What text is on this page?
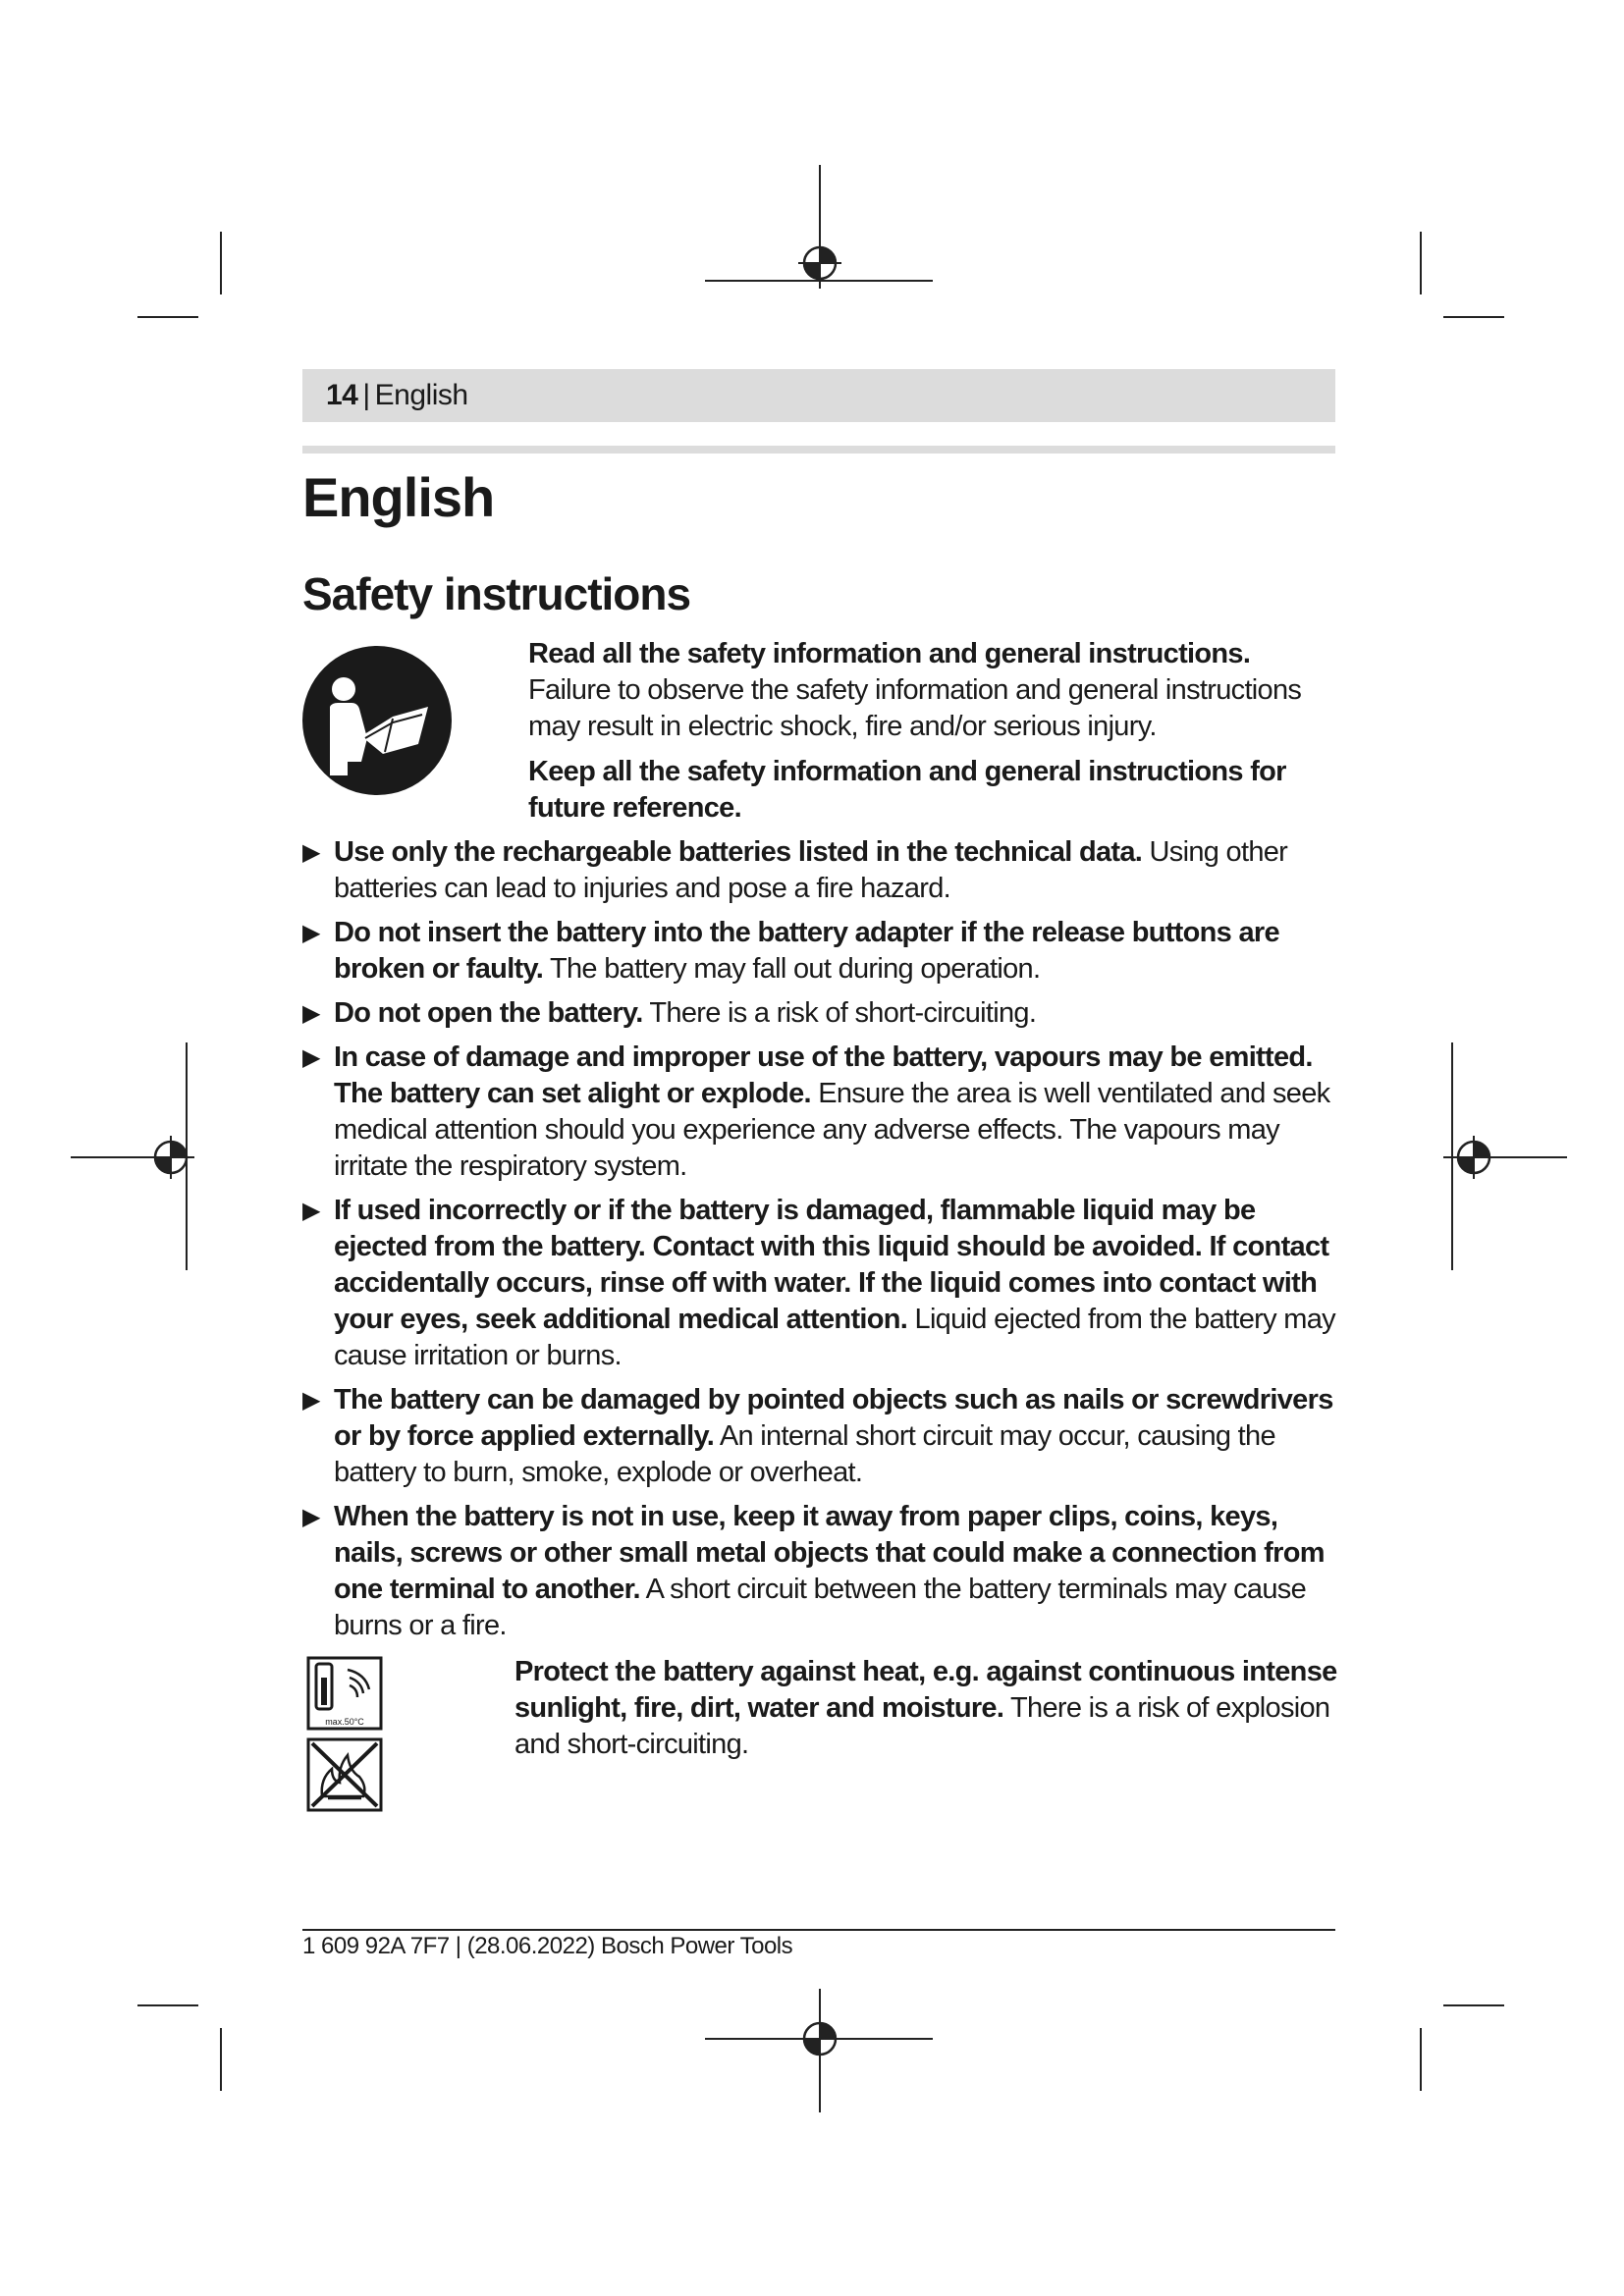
14 | English
English
Safety instructions

Read all the safety information and general instructions. Failure to observe the safety information and general instructions may result in electric shock, fire and/or serious injury.

Keep all the safety information and general instructions for future reference.

▶ Use only the rechargeable batteries listed in the technical data. Using other batteries can lead to injuries and pose a fire hazard.
▶ Do not insert the battery into the battery adapter if the release buttons are broken or faulty. The battery may fall out during operation.
▶ Do not open the battery. There is a risk of short-circuiting.
▶ In case of damage and improper use of the battery, vapours may be emitted. The battery can set alight or explode. Ensure the area is well ventilated and seek medical attention should you experience any adverse effects. The vapours may irritate the respiratory system.
▶ If used incorrectly or if the battery is damaged, flammable liquid may be ejected from the battery. Contact with this liquid should be avoided. If contact accidentally occurs, rinse off with water. If the liquid comes into contact with your eyes, seek additional medical attention. Liquid ejected from the battery may cause irritation or burns.
▶ The battery can be damaged by pointed objects such as nails or screwdrivers or by force applied externally. An internal short circuit may occur, causing the battery to burn, smoke, explode or overheat.
▶ When the battery is not in use, keep it away from paper clips, coins, keys, nails, screws or other small metal objects that could make a connection from one terminal to another. A short circuit between the battery terminals may cause burns or a fire.
max.50°C

Protect the battery against heat, e.g. against continuous intense sunlight, fire, dirt, water and moisture. There is a risk of explosion and short-circuiting.

1 609 92A 7F7 | (28.06.2022) Bosch Power Tools
